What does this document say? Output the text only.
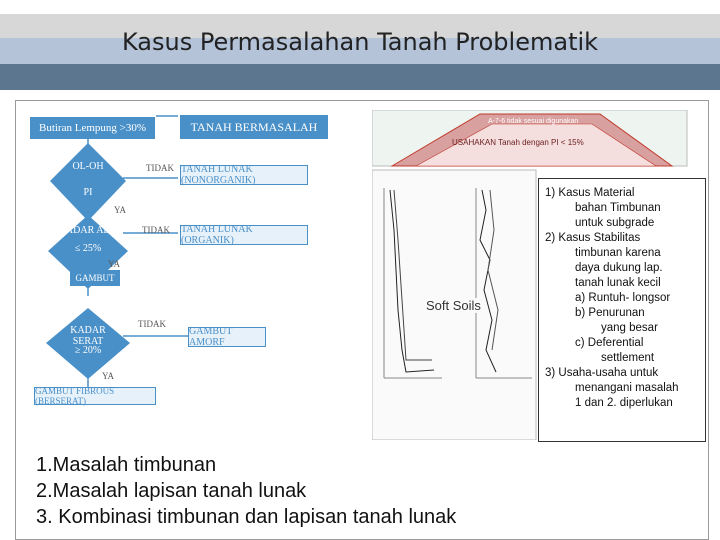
Kasus Permasalahan Tanah Problematik
Butiran Lempung >30%	TANAH BERMASALAH
OL-OH
PI
KADAR ABU
≤ 25%
KADAR SERAT
≥ 20%
TIDAK
TIDAK
TIDAK
YA
YA
YA
TANAH LUNAK (NONORGANIK)
TANAH LUNAK (ORGANIK)
GAMBUT
GAMBUT AMORF
GAMBUT FIBROUS (BERSERAT)
A-7-6 tidak sesuai digunakan
USAHAKAN Tanah dengan PI < 15%
Soft Soils
1) Kasus Material
bahan Timbunan
untuk subgrade
2) Kasus Stabilitas
timbunan karena
daya dukung lap.
tanah lunak kecil
a) Runtuh- longsor
b) Penurunan
yang besar
c) Deferential
settlement
3) Usaha-usaha untuk
menangani masalah
1 dan 2. diperlukan
1.Masalah timbunan
2.Masalah lapisan tanah lunak
3. Kombinasi timbunan dan lapisan tanah lunak
